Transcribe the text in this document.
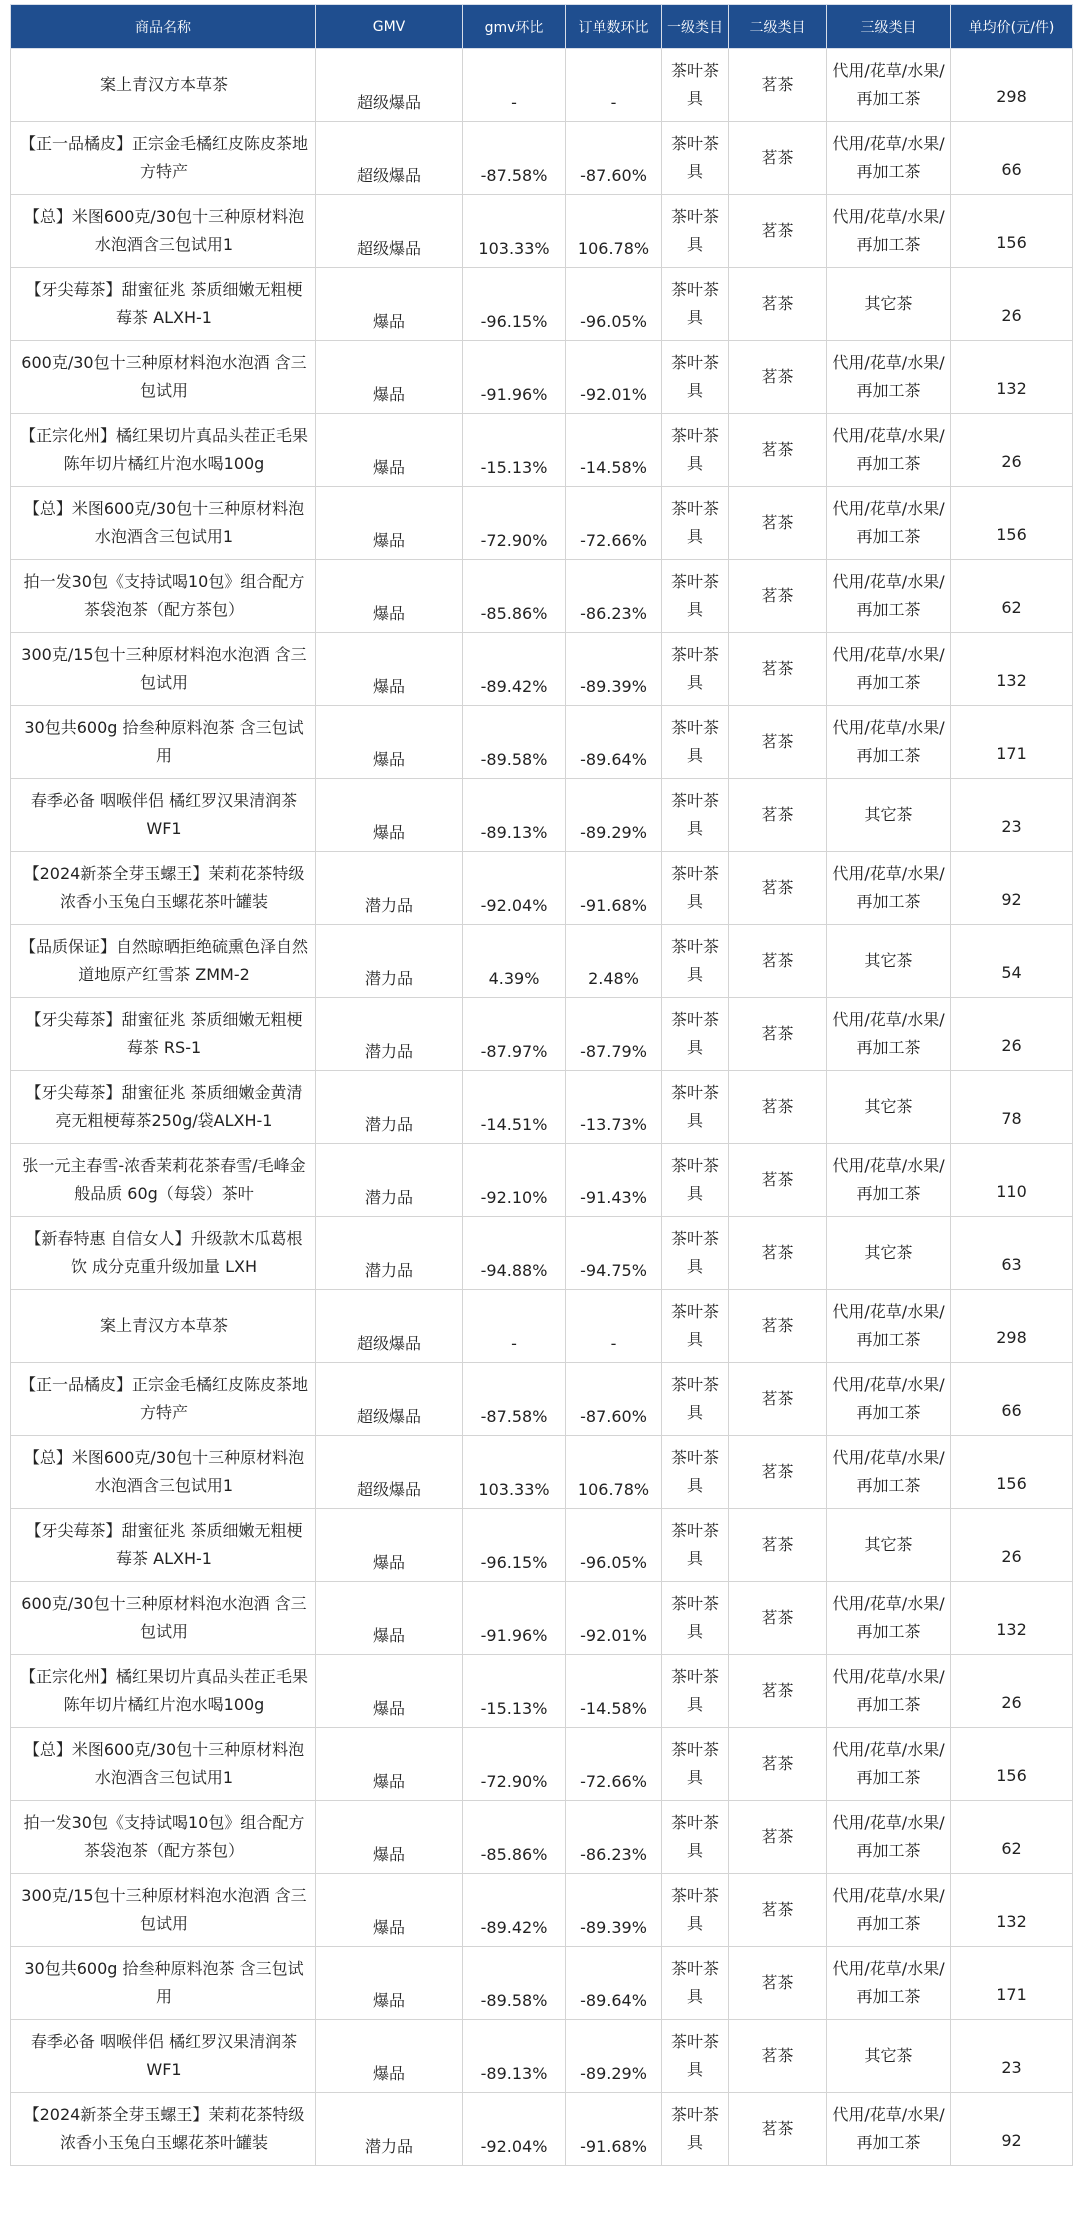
商品名称	GMV	gmv环比	订单数环比	一级类目	二级类目	三级类目	单均价(元/件)
案上青汉方本草茶	超级爆品	-	-	茶叶茶具	茗茶	代用/花草/水果/再加工茶	298
【正一品橘皮】正宗金毛橘红皮陈皮茶地方特产	超级爆品	-87.58%	-87.60%	茶叶茶具	茗茶	代用/花草/水果/再加工茶	66
【总】米图600克/30包十三种原材料泡水泡酒含三包试用1	超级爆品	103.33%	106.78%	茶叶茶具	茗茶	代用/花草/水果/再加工茶	156
【牙尖莓茶】甜蜜征兆 茶质细嫩无粗梗莓茶 ALXH-1	爆品	-96.15%	-96.05%	茶叶茶具	茗茶	其它茶	26
600克/30包十三种原材料泡水泡酒 含三包试用	爆品	-91.96%	-92.01%	茶叶茶具	茗茶	代用/花草/水果/再加工茶	132
【正宗化州】橘红果切片真品头茬正毛果陈年切片橘红片泡水喝100g	爆品	-15.13%	-14.58%	茶叶茶具	茗茶	代用/花草/水果/再加工茶	26
【总】米图600克/30包十三种原材料泡水泡酒含三包试用1	爆品	-72.90%	-72.66%	茶叶茶具	茗茶	代用/花草/水果/再加工茶	156
拍一发30包《支持试喝10包》组合配方茶袋泡茶（配方茶包）	爆品	-85.86%	-86.23%	茶叶茶具	茗茶	代用/花草/水果/再加工茶	62
300克/15包十三种原材料泡水泡酒 含三包试用	爆品	-89.42%	-89.39%	茶叶茶具	茗茶	代用/花草/水果/再加工茶	132
30包共600g 拾叁种原料泡茶 含三包试用	爆品	-89.58%	-89.64%	茶叶茶具	茗茶	代用/花草/水果/再加工茶	171
春季必备 咽喉伴侣 橘红罗汉果清润茶 WF1	爆品	-89.13%	-89.29%	茶叶茶具	茗茶	其它茶	23
【2024新茶全芽玉螺王】茉莉花茶特级浓香小玉兔白玉螺花茶叶罐装	潜力品	-92.04%	-91.68%	茶叶茶具	茗茶	代用/花草/水果/再加工茶	92
【品质保证】自然晾晒拒绝硫熏色泽自然道地原产红雪茶 ZMM-2	潜力品	4.39%	2.48%	茶叶茶具	茗茶	其它茶	54
【牙尖莓茶】甜蜜征兆 茶质细嫩无粗梗莓茶 RS-1	潜力品	-87.97%	-87.79%	茶叶茶具	茗茶	代用/花草/水果/再加工茶	26
【牙尖莓茶】甜蜜征兆 茶质细嫩金黄清亮无粗梗莓茶250g/袋ALXH-1	潜力品	-14.51%	-13.73%	茶叶茶具	茗茶	其它茶	78
张一元主春雪-浓香茉莉花茶春雪/毛峰金般品质 60g（每袋）茶叶	潜力品	-92.10%	-91.43%	茶叶茶具	茗茶	代用/花草/水果/再加工茶	110
【新春特惠 自信女人】升级款木瓜葛根饮 成分克重升级加量 LXH	潜力品	-94.88%	-94.75%	茶叶茶具	茗茶	其它茶	63
案上青汉方本草茶	超级爆品	-	-	茶叶茶具	茗茶	代用/花草/水果/再加工茶	298
【正一品橘皮】正宗金毛橘红皮陈皮茶地方特产	超级爆品	-87.58%	-87.60%	茶叶茶具	茗茶	代用/花草/水果/再加工茶	66
【总】米图600克/30包十三种原材料泡水泡酒含三包试用1	超级爆品	103.33%	106.78%	茶叶茶具	茗茶	代用/花草/水果/再加工茶	156
【牙尖莓茶】甜蜜征兆 茶质细嫩无粗梗莓茶 ALXH-1	爆品	-96.15%	-96.05%	茶叶茶具	茗茶	其它茶	26
600克/30包十三种原材料泡水泡酒 含三包试用	爆品	-91.96%	-92.01%	茶叶茶具	茗茶	代用/花草/水果/再加工茶	132
【正宗化州】橘红果切片真品头茬正毛果陈年切片橘红片泡水喝100g	爆品	-15.13%	-14.58%	茶叶茶具	茗茶	代用/花草/水果/再加工茶	26
【总】米图600克/30包十三种原材料泡水泡酒含三包试用1	爆品	-72.90%	-72.66%	茶叶茶具	茗茶	代用/花草/水果/再加工茶	156
拍一发30包《支持试喝10包》组合配方茶袋泡茶（配方茶包）	爆品	-85.86%	-86.23%	茶叶茶具	茗茶	代用/花草/水果/再加工茶	62
300克/15包十三种原材料泡水泡酒 含三包试用	爆品	-89.42%	-89.39%	茶叶茶具	茗茶	代用/花草/水果/再加工茶	132
30包共600g 拾叁种原料泡茶 含三包试用	爆品	-89.58%	-89.64%	茶叶茶具	茗茶	代用/花草/水果/再加工茶	171
春季必备 咽喉伴侣 橘红罗汉果清润茶 WF1	爆品	-89.13%	-89.29%	茶叶茶具	茗茶	其它茶	23
【2024新茶全芽玉螺王】茉莉花茶特级浓香小玉兔白玉螺花茶叶罐装	潜力品	-92.04%	-91.68%	茶叶茶具	茗茶	代用/花草/水果/再加工茶	92
